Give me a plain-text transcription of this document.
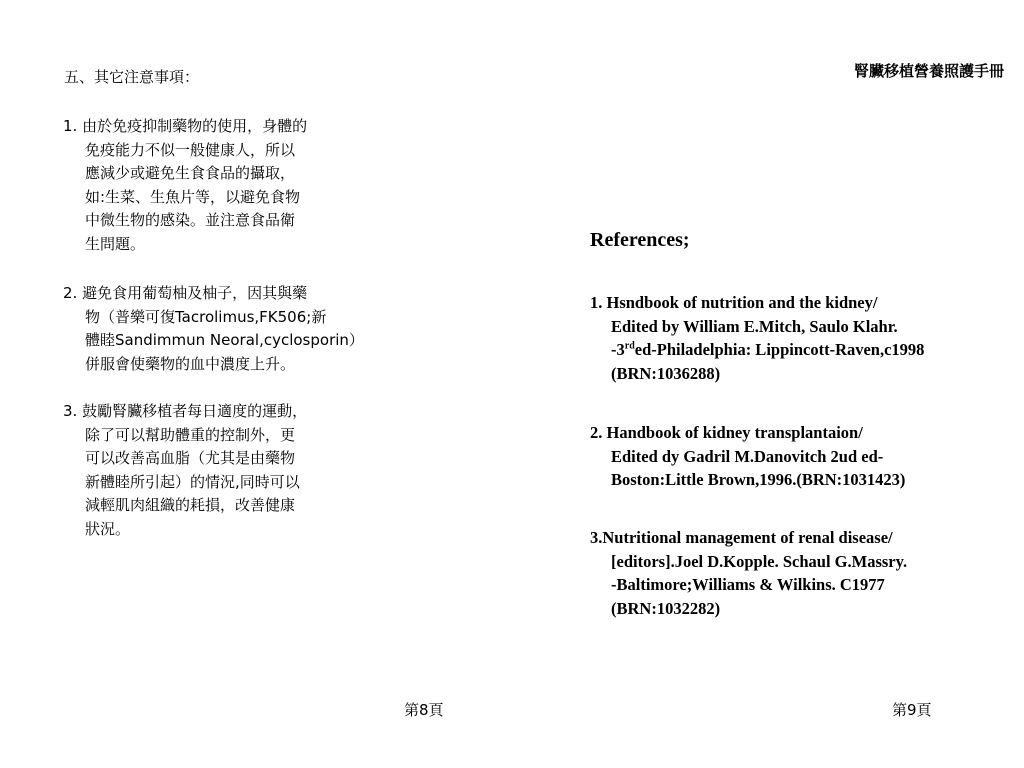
腎臟移植營養照護手冊
五、其它注意事項：
1. 由於免疫抑制藥物的使用，身體的
免疫能力不似一般健康人，所以
應減少或避免生食食品的攝取，
如:生菜、生魚片等，以避免食物
中微生物的感染。並注意食品衛
生問題。
2. 避免食用葡萄柚及柚子，因其與藥
物（普樂可復Tacrolimus,FK506;新
體睦Sandimmun Neoral,cyclosporin）
併服會使藥物的血中濃度上升。
3. 鼓勵腎臟移植者每日適度的運動，
除了可以幫助體重的控制外，更
可以改善高血脂（尤其是由藥物
新體睦所引起）的情況,同時可以
減輕肌肉組織的耗損，改善健康
狀況。
References;
1. Hsndbook of nutrition and the kidney/
Edited by William E.Mitch, Saulo Klahr.
-3rded-Philadelphia: Lippincott-Raven,c1998
(BRN:1036288)
2. Handbook of kidney transplantaion/
Edited dy Gadril M.Danovitch 2ud ed-
Boston:Little Brown,1996.(BRN:1031423)
3.Nutritional management of renal disease/
[editors].Joel D.Kopple. Schaul G.Massry.
-Baltimore;Williams & Wilkins. C1977
(BRN:1032282)
第8頁	第9頁
